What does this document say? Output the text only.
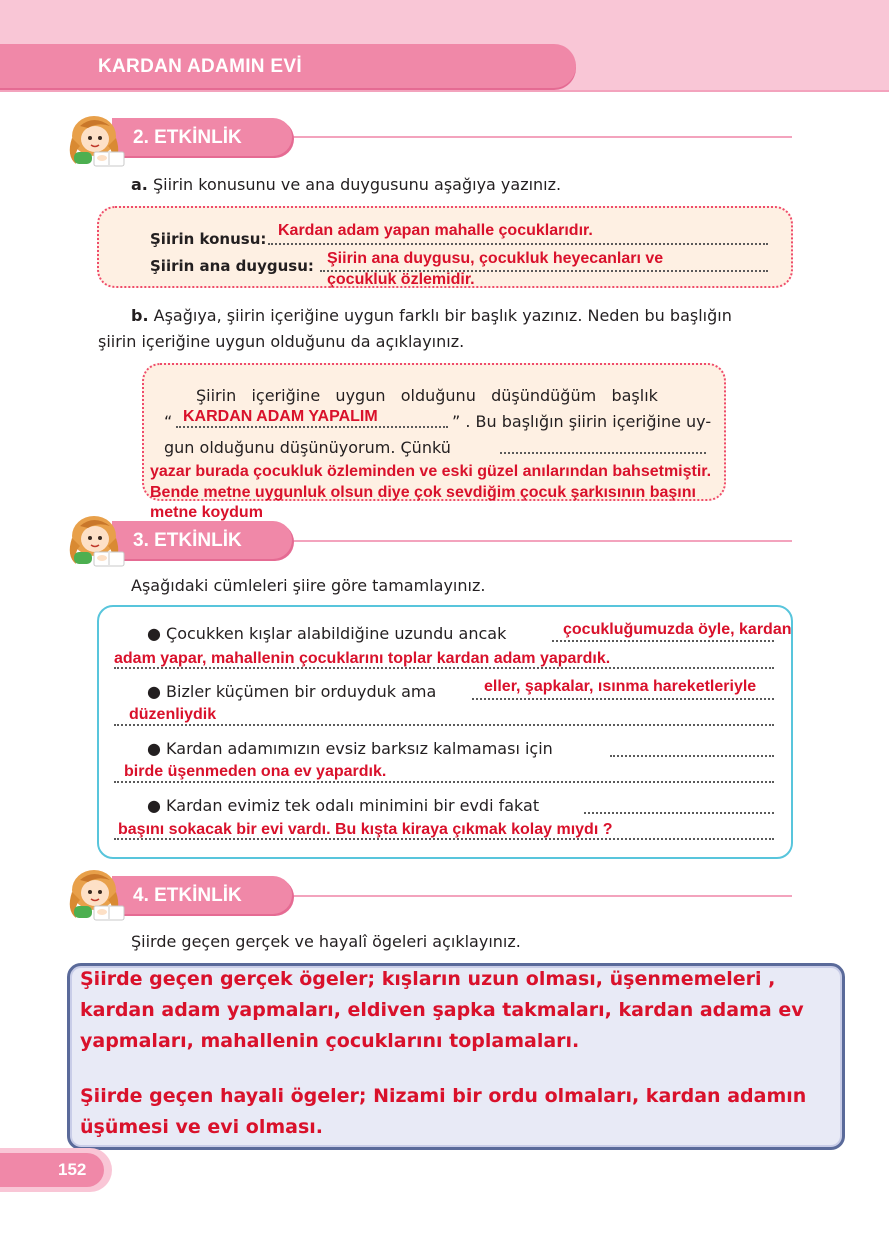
KARDAN ADAMIN EVİ
2. ETKİNLİK
a. Şiirin konusunu ve ana duygusunu aşağıya yazınız.
Şiirin konusu: Kardan adam yapan mahalle çocuklarıdır.
Şiirin ana duygusu: Şiirin ana duygusu, çocukluk heyecanları ve
çocukluk özlemidir.
b. Aşağıya, şiirin içeriğine uygun farklı bir başlık yazınız. Neden bu başlığın
şiirin içeriğine uygun olduğunu da açıklayınız.
Şiirin   içeriğine   uygun   olduğunu   düşündüğüm   başlık
“ KARDAN ADAM YAPALIM	” . Bu başlığın şiirin içeriğine uy-
gun olduğunu düşünüyorum. Çünkü
yazar burada çocukluk özleminden ve eski güzel anılarından bahsetmiştir.
Bende metne uygunluk olsun diye çok sevdiğim çocuk şarkısının başını
metne koydum
3. ETKİNLİK
Aşağıdaki cümleleri şiire göre tamamlayınız.
● Çocukken kışlar alabildiğine uzundu ancak	çocukluğumuzda öyle, kardan
adam yapar, mahallenin çocuklarını toplar kardan adam yapardık.
● Bizler küçümen bir orduyduk ama	eller, şapkalar, ısınma hareketleriyle
düzenliydik
● Kardan adamımızın evsiz barksız kalmaması için
birde üşenmeden ona ev yapardık.
● Kardan evimiz tek odalı minimini bir evdi fakat
başını sokacak bir evi vardı. Bu kışta kiraya çıkmak kolay mıydı ?
4. ETKİNLİK
Şiirde geçen gerçek ve hayalî ögeleri açıklayınız.
Şiirde geçen gerçek ögeler; kışların uzun olması, üşenmemeleri ,
kardan adam yapmaları, eldiven şapka takmaları, kardan adama ev
yapmaları, mahallenin çocuklarını toplamaları.
Şiirde geçen hayali ögeler; Nizami bir ordu olmaları, kardan adamın
üşümesi ve evi olması.
152
